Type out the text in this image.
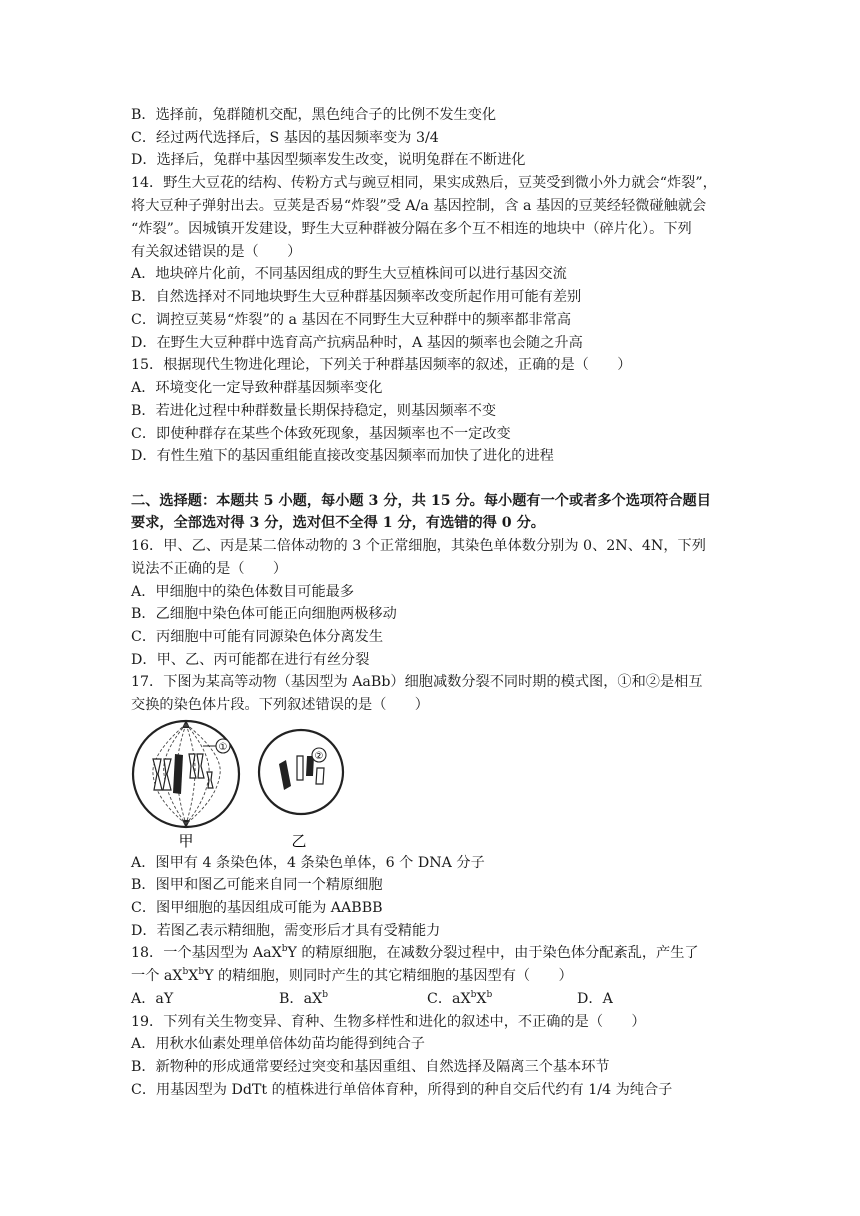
B．选择前，兔群随机交配，黑色纯合子的比例不发生变化
C．经过两代选择后，S 基因的基因频率变为 3/4
D．选择后，兔群中基因型频率发生改变，说明兔群在不断进化
14．野生大豆花的结构、传粉方式与豌豆相同，果实成熟后，豆荚受到微小外力就会“炸裂”，
将大豆种子弹射出去。豆荚是否易“炸裂”受 A/a 基因控制，含 a 基因的豆荚经轻微碰触就会
“炸裂”。因城镇开发建设，野生大豆种群被分隔在多个互不相连的地块中（碎片化）。下列
有关叙述错误的是（　　）
A．地块碎片化前，不同基因组成的野生大豆植株间可以进行基因交流
B．自然选择对不同地块野生大豆种群基因频率改变所起作用可能有差别
C．调控豆荚易“炸裂”的 a 基因在不同野生大豆种群中的频率都非常高
D．在野生大豆种群中选育高产抗病品种时，A 基因的频率也会随之升高
15．根据现代生物进化理论，下列关于种群基因频率的叙述，正确的是（　　）
A．环境变化一定导致种群基因频率变化
B．若进化过程中种群数量长期保持稳定，则基因频率不变
C．即使种群存在某些个体致死现象，基因频率也不一定改变
D．有性生殖下的基因重组能直接改变基因频率而加快了进化的进程
二、选择题：本题共 5 小题，每小题 3 分，共 15 分。每小题有一个或者多个选项符合题目
要求，全部选对得 3 分，选对但不全得 1 分，有选错的得 0 分。
16．甲、乙、丙是某二倍体动物的 3 个正常细胞，其染色单体数分别为 0、2N、4N，下列
说法不正确的是（　　）
A．甲细胞中的染色体数目可能最多
B．乙细胞中染色体可能正向细胞两极移动
C．丙细胞中可能有同源染色体分离发生
D．甲、乙、丙可能都在进行有丝分裂
17．下图为某高等动物（基因型为 AaBb）细胞减数分裂不同时期的模式图，①和②是相互
交换的染色体片段。下列叙述错误的是（　　）
①
甲
②
乙
A．图甲有 4 条染色体，4 条染色单体，6 个 DNA 分子
B．图甲和图乙可能来自同一个精原细胞
C．图甲细胞的基因组成可能为 AABBB
D．若图乙表示精细胞，需变形后才具有受精能力
18．一个基因型为 AaX$^b$Y 的精原细胞，在减数分裂过程中，由于染色体分配紊乱，产生了
一个 $aX^bX^bY$ 的精细胞，则同时产生的其它精细胞的基因型有（　　）
A．aY	B．$aX^b$	C．$aX^bX^b$	D．A
19．下列有关生物变异、育种、生物多样性和进化的叙述中，不正确的是（　　）
A．用秋水仙素处理单倍体幼苗均能得到纯合子
B．新物种的形成通常要经过突变和基因重组、自然选择及隔离三个基本环节
C．用基因型为 DdTt 的植株进行单倍体育种，所得到的种自交后代约有 1/4 为纯合子
